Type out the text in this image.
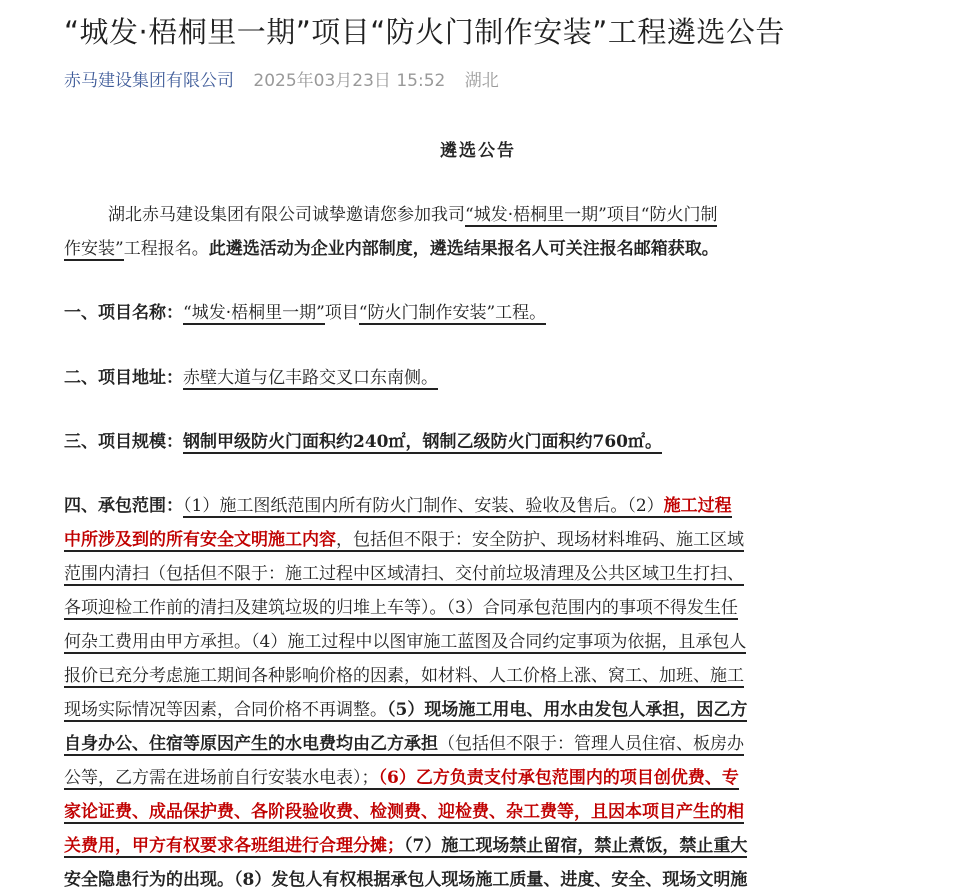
“城发·梧桐里一期”项目“防火门制作安装”工程遴选公告
赤马建设集团有限公司 2025年03月23日 15:52 湖北
遴选公告
湖北赤马建设集团有限公司诚挚邀请您参加我司“城发·梧桐里一期”项目“防火门制
作安装”工程报名。此遴选活动为企业内部制度，遴选结果报名人可关注报名邮箱获取。
一、项目名称：“城发·梧桐里一期”项目“防火门制作安装”工程。
二、项目地址：赤壁大道与亿丰路交叉口东南侧。
三、项目规模：钢制甲级防火门面积约240㎡，钢制乙级防火门面积约760㎡。
四、承包范围：（1）施工图纸范围内所有防火门制作、安装、验收及售后。（2）施工过程
中所涉及到的所有安全文明施工内容，包括但不限于：安全防护、现场材料堆码、施工区域
范围内清扫（包括但不限于：施工过程中区域清扫、交付前垃圾清理及公共区域卫生打扫、
各项迎检工作前的清扫及建筑垃圾的归堆上车等）。（3）合同承包范围内的事项不得发生任
何杂工费用由甲方承担。（4）施工过程中以图审施工蓝图及合同约定事项为依据，且承包人
报价已充分考虑施工期间各种影响价格的因素，如材料、人工价格上涨、窝工、加班、施工
现场实际情况等因素，合同价格不再调整。（5）现场施工用电、用水由发包人承担，因乙方
自身办公、住宿等原因产生的水电费均由乙方承担（包括但不限于：管理人员住宿、板房办
公等，乙方需在进场前自行安装水电表）；（6）乙方负责支付承包范围内的项目创优费、专
家论证费、成品保护费、各阶段验收费、检测费、迎检费、杂工费等，且因本项目产生的相
关费用，甲方有权要求各班组进行合理分摊；（7）施工现场禁止留宿，禁止煮饭，禁止重大
安全隐患行为的出现。（8）发包人有权根据承包人现场施工质量、进度、安全、现场文明施
